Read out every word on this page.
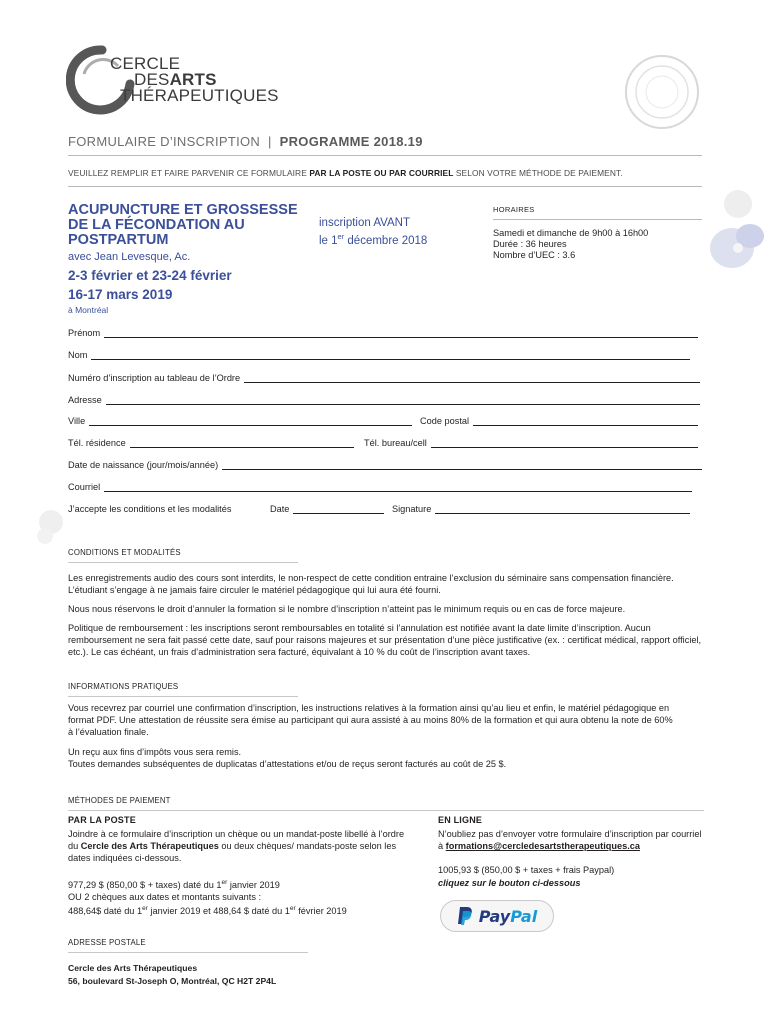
CERCLE
DESARTS
THÉRAPEUTIQUES
FORMULAIRE D’INSCRIPTION | PROGRAMME 2018.19
VEUILLEZ REMPLIR ET FAIRE PARVENIR CE FORMULAIRE PAR LA POSTE OU PAR COURRIEL SELON VOTRE MÉTHODE DE PAIEMENT.
ACUPUNCTURE ET GROSSESSE
DE LA FÉCONDATION AU
POSTPARTUM
avec Jean Levesque, Ac.
2-3 février et 23-24 février
16-17 mars 2019
à Montréal
inscription AVANT
le 1er décembre 2018
HORAIRES
Samedi et dimanche de 9h00 à 16h00
Durée : 36 heures
Nombre d’UEC : 3.6
Prénom
Nom
Numéro d’inscription au tableau de l’Ordre
Adresse
Ville	Code postal
Tél. résidence	Tél. bureau/cell
Date de naissance (jour/mois/année)
Courriel
J’accepte les conditions et les modalités	Date	Signature
CONDITIONS ET MODALITÉS
Les enregistrements audio des cours sont interdits, le non-respect de cette condition entraine l’exclusion du séminaire sans compensation financière. L’étudiant s’engage à ne jamais faire circuler le matériel pédagogique qui lui aura été fourni.
Nous nous réservons le droit d’annuler la formation si le nombre d’inscription n’atteint pas le minimum requis ou en cas de force majeure.
Politique de remboursement : les inscriptions seront remboursables en totalité si l’annulation est notifiée avant la date limite d’inscription. Aucun remboursement ne sera fait passé cette date, sauf pour raisons majeures et sur présentation d’une pièce justificative (ex. : certificat médical, rapport officiel, etc.). Le cas échéant, un frais d’administration sera facturé, équivalant à 10 % du coût de l’inscription avant taxes.
INFORMATIONS PRATIQUES
Vous recevrez par courriel une confirmation d’inscription, les instructions relatives à la formation ainsi qu’au lieu et enfin, le matériel pédagogique en format PDF. Une attestation de réussite sera émise au participant qui aura assisté à au moins 80% de la formation et qui aura obtenu la note de 60% à l’évaluation finale.
Un reçu aux fins d’impôts vous sera remis.
Toutes demandes subséquentes de duplicatas d’attestations et/ou de reçus seront facturés au coût de 25 $.
MÉTHODES DE PAIEMENT
PAR LA POSTE
Joindre à ce formulaire d’inscription un chèque ou un mandat-poste libellé à l’ordre du Cercle des Arts Thérapeutiques ou deux chèques/ mandats-poste selon les dates indiquées ci-dessous.
977,29 $ (850,00 $ + taxes) daté du 1er janvier 2019
OU 2 chèques aux dates et montants suivants :
488,64$ daté du 1er janvier 2019 et 488,64 $ daté du 1er février 2019
EN LIGNE
N’oubliez pas d’envoyer votre formulaire d’inscription par courriel à formations@cercledesartstherapeutiques.ca
1005,93 $ (850,00 $ + taxes + frais Paypal)
cliquez sur le bouton ci-dessous
PayPal
ADRESSE POSTALE
Cercle des Arts Thérapeutiques
56, boulevard St-Joseph O, Montréal, QC H2T 2P4L
